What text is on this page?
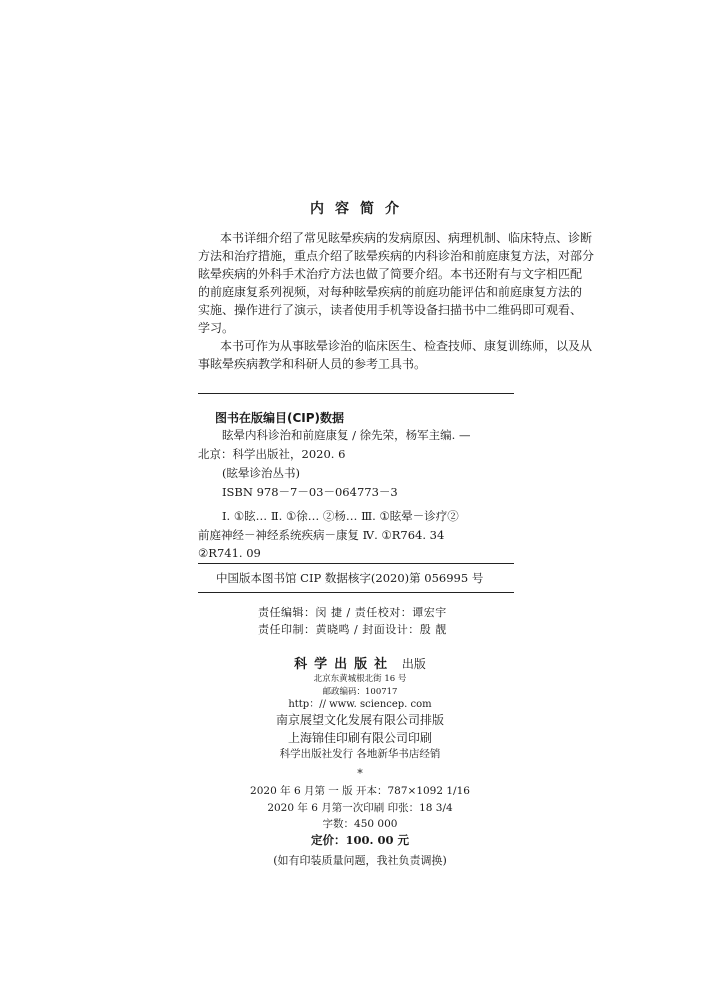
内容简介
本书详细介绍了常见眩晕疾病的发病原因、病理机制、临床特点、诊断
方法和治疗措施，重点介绍了眩晕疾病的内科诊治和前庭康复方法，对部分
眩晕疾病的外科手术治疗方法也做了简要介绍。本书还附有与文字相匹配
的前庭康复系列视频，对每种眩晕疾病的前庭功能评估和前庭康复方法的
实施、操作进行了演示，读者使用手机等设备扫描书中二维码即可观看、
学习。
本书可作为从事眩晕诊治的临床医生、检查技师、康复训练师，以及从
事眩晕疾病教学和科研人员的参考工具书。
图书在版编目(CIP)数据
眩晕内科诊治和前庭康复 / 徐先荣，杨军主编. —
北京：科学出版社，2020. 6
(眩晕诊治丛书)
ISBN 978－7－03－064773－3
Ⅰ. ①眩… Ⅱ. ①徐… ②杨… Ⅲ. ①眩晕－诊疗②
前庭神经－神经系统疾病－康复 Ⅳ. ①R764. 34
②R741. 09
中国版本图书馆 CIP 数据核字(2020)第 056995 号
责任编辑：闵 捷 / 责任校对：谭宏宇
责任印制：黄晓鸣 / 封面设计：殷 靓
科学出版社 出版
北京东黄城根北街 16 号
邮政编码：100717
http：// www. sciencep. com
南京展望文化发展有限公司排版
上海锦佳印刷有限公司印刷
科学出版社发行 各地新华书店经销
*
2020 年 6 月第 一 版 开本：787×1092 1/16
2020 年 6 月第一次印刷 印张：18 3/4
字数：450 000
定价：100. 00 元
(如有印装质量问题，我社负责调换)
